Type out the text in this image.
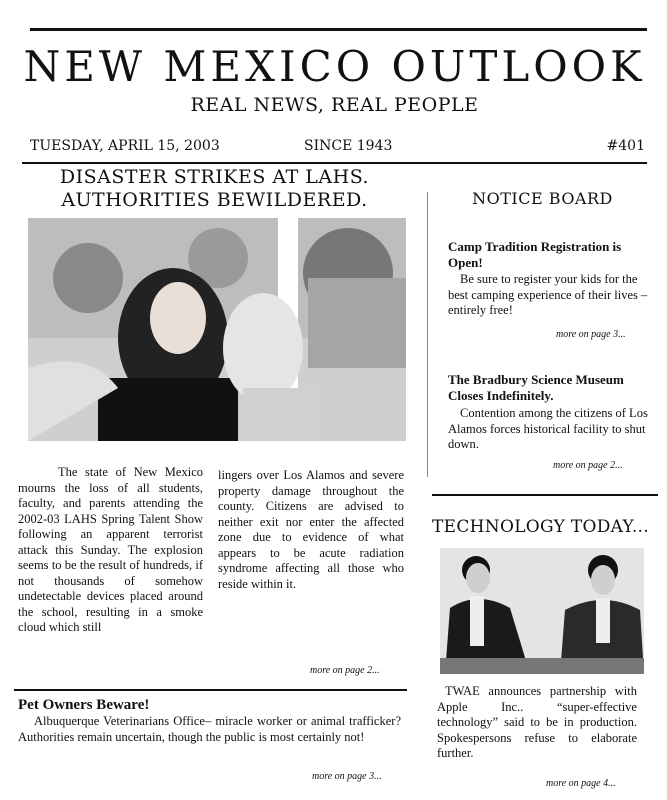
NEW MEXICO OUTLOOK
REAL NEWS, REAL PEOPLE
TUESDAY, APRIL 15, 2003	SINCE 1943	#401
DISASTER STRIKES AT LAHS.
AUTHORITIES BEWILDERED.
The state of New Mexico mourns the loss of all students, faculty, and parents attending the 2002-03 LAHS Spring Talent Show following an apparent terrorist attack this Sunday. The explosion seems to be the result of hundreds, if not thousands of somehow undetectable devices placed around the school, resulting in a smoke cloud which still
lingers over Los Alamos and severe property damage throughout the county. Citizens are advised to neither exit nor enter the affected zone due to evidence of what appears to be acute radiation syndrome affecting all those who reside within it.
more on page 2...
Pet Owners Beware!
Albuquerque Veterinarians Office– miracle worker or animal trafficker? Authorities remain uncertain, though the public is most certainly not!
more on page 3...
NOTICE BOARD
Camp Tradition Registration is Open!
Be sure to register your kids for the best camping experience of their lives – entirely free!
more on page 3...
The Bradbury Science Museum Closes Indefinitely.
Contention among the citizens of Los Alamos forces historical facility to shut down.
more on page 2...
TECHNOLOGY TODAY...
TWAE announces partnership with Apple Inc.. “super-effective technology” said to be in production. Spokespersons refuse to elaborate further.
more on page 4...
